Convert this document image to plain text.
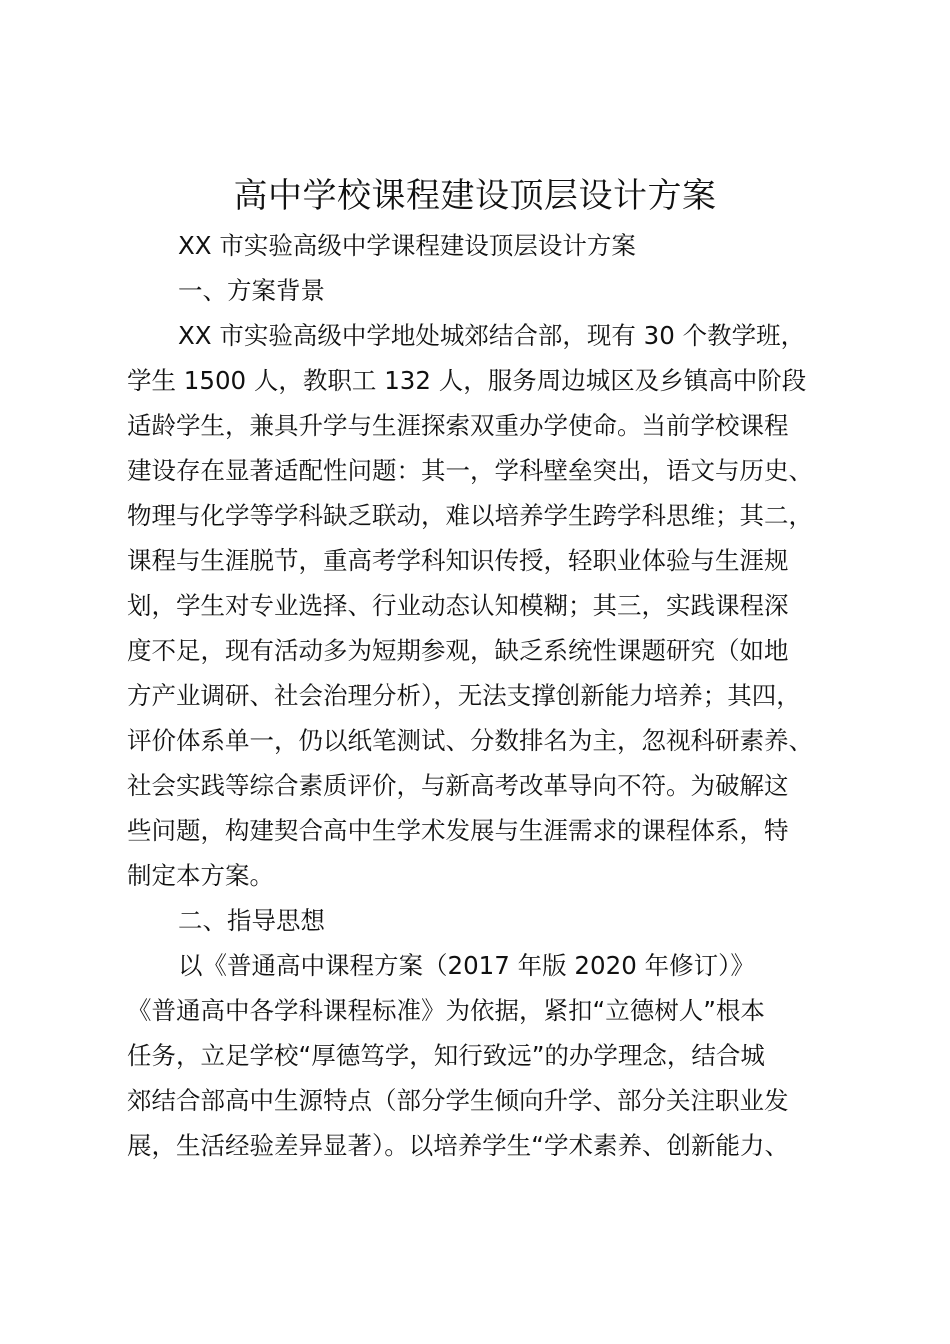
高中学校课程建设顶层设计方案
XX 市实验高级中学课程建设顶层设计方案
一、方案背景
XX 市实验高级中学地处城郊结合部，现有 30 个教学班，
学生 1500 人，教职工 132 人，服务周边城区及乡镇高中阶段
适龄学生，兼具升学与生涯探索双重办学使命。当前学校课程
建设存在显著适配性问题：其一，学科壁垒突出，语文与历史、
物理与化学等学科缺乏联动，难以培养学生跨学科思维；其二，
课程与生涯脱节，重高考学科知识传授，轻职业体验与生涯规
划，学生对专业选择、行业动态认知模糊；其三，实践课程深
度不足，现有活动多为短期参观，缺乏系统性课题研究（如地
方产业调研、社会治理分析），无法支撑创新能力培养；其四，
评价体系单一，仍以纸笔测试、分数排名为主，忽视科研素养、
社会实践等综合素质评价，与新高考改革导向不符。为破解这
些问题，构建契合高中生学术发展与生涯需求的课程体系，特
制定本方案。
二、指导思想
以《普通高中课程方案（2017 年版 2020 年修订）》
《普通高中各学科课程标准》为依据，紧扣“立德树人”根本
任务，立足学校“厚德笃学，知行致远”的办学理念，结合城
郊结合部高中生源特点（部分学生倾向升学、部分关注职业发
展，生活经验差异显著）。以培养学生“学术素养、创新能力、
